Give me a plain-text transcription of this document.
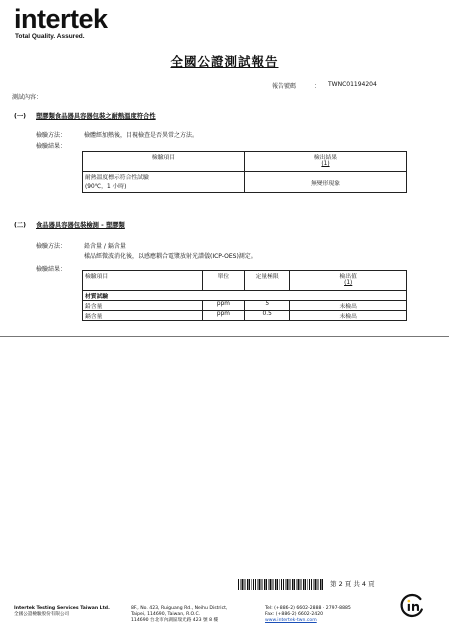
intertek
Total Quality. Assured.
全國公證測試報告
報告號碼	： TWNC01194204
測試內容：
(一) 塑膠類食品器具容器包裝之耐熱溫度符合性
檢驗方法：	檢體經加熱後，目視檢查是否異常之方法。
檢驗結果：
檢驗項目	檢出結果
(1)

耐熱溫度標示符合性試驗
(90℃，1 小時)	無變形現象
(二) 食品器具容器包裝檢測 - 塑膠類
檢驗方法：	鉛含量 / 鎘含量
樣品經微波消化後，以感應耦合電漿放射光譜儀(ICP-OES)測定。
檢驗結果：
檢驗項目	單位	定量極限	檢出值
(1)

材質試驗			
鉛含量	ppm	5	未檢出
鎘含量	ppm	0.5	未檢出
第 2 頁 共 4 頁
Intertek Testing Services Taiwan Ltd.
全國公證檢驗股份有限公司
8F., No. 423, Ruiguang Rd., Neihu District,
Taipei, 114690, Taiwan, R.O.C.
114690 台北市內湖區瑞光路 423 號 8 樓
Tel: (+886-2) 6602-2888 · 2797-8885
Fax: (+886-2) 6602-2420
www.intertek-twn.com
